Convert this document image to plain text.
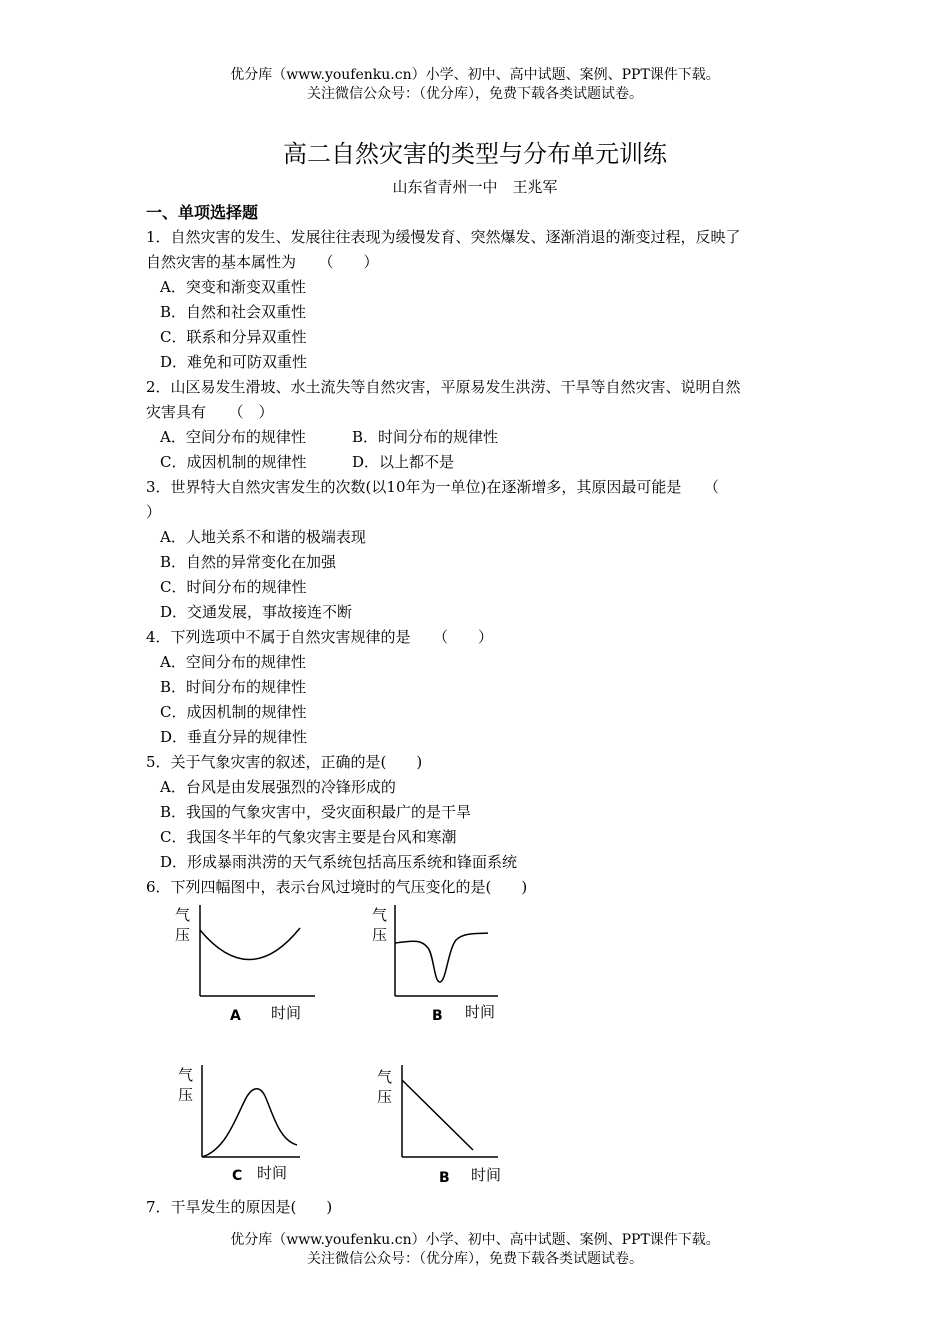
优分库（www.youfenku.cn）小学、初中、高中试题、案例、PPT课件下载。
关注微信公众号：（优分库），免费下载各类试题试卷。
高二自然灾害的类型与分布单元训练
山东省青州一中　王兆军
一、单项选择题
1．自然灾害的发生、发展往往表现为缓慢发育、突然爆发、逐渐消退的渐变过程，反映了
自然灾害的基本属性为　　（　　）
A．突变和渐变双重性
B．自然和社会双重性
C．联系和分异双重性
D．难免和可防双重性
2．山区易发生滑坡、水土流失等自然灾害，平原易发生洪涝、干旱等自然灾害、说明自然
灾害具有　　（　）
A．空间分布的规律性	B．时间分布的规律性
C．成因机制的规律性	D．以上都不是
3．世界特大自然灾害发生的次数(以10年为一单位)在逐渐增多，其原因最可能是　　（
）
A．人地关系不和谐的极端表现
B．自然的异常变化在加强
C．时间分布的规律性
D．交通发展，事故接连不断
4．下列选项中不属于自然灾害规律的是　　（　　）
A．空间分布的规律性
B．时间分布的规律性
C．成因机制的规律性
D．垂直分异的规律性
5．关于气象灾害的叙述，正确的是(　　)
A．台风是由发展强烈的冷锋形成的
B．我国的气象灾害中，受灾面积最广的是干旱
C．我国冬半年的气象灾害主要是台风和寒潮
D．形成暴雨洪涝的天气系统包括高压系统和锋面系统
6．下列四幅图中，表示台风过境时的气压变化的是(　　)
气
压
A 时间
气
压
B 时间
气
压
C 时间
气
压
B 时间
7．干旱发生的原因是(　　)
优分库（www.youfenku.cn）小学、初中、高中试题、案例、PPT课件下载。
关注微信公众号：（优分库），免费下载各类试题试卷。
